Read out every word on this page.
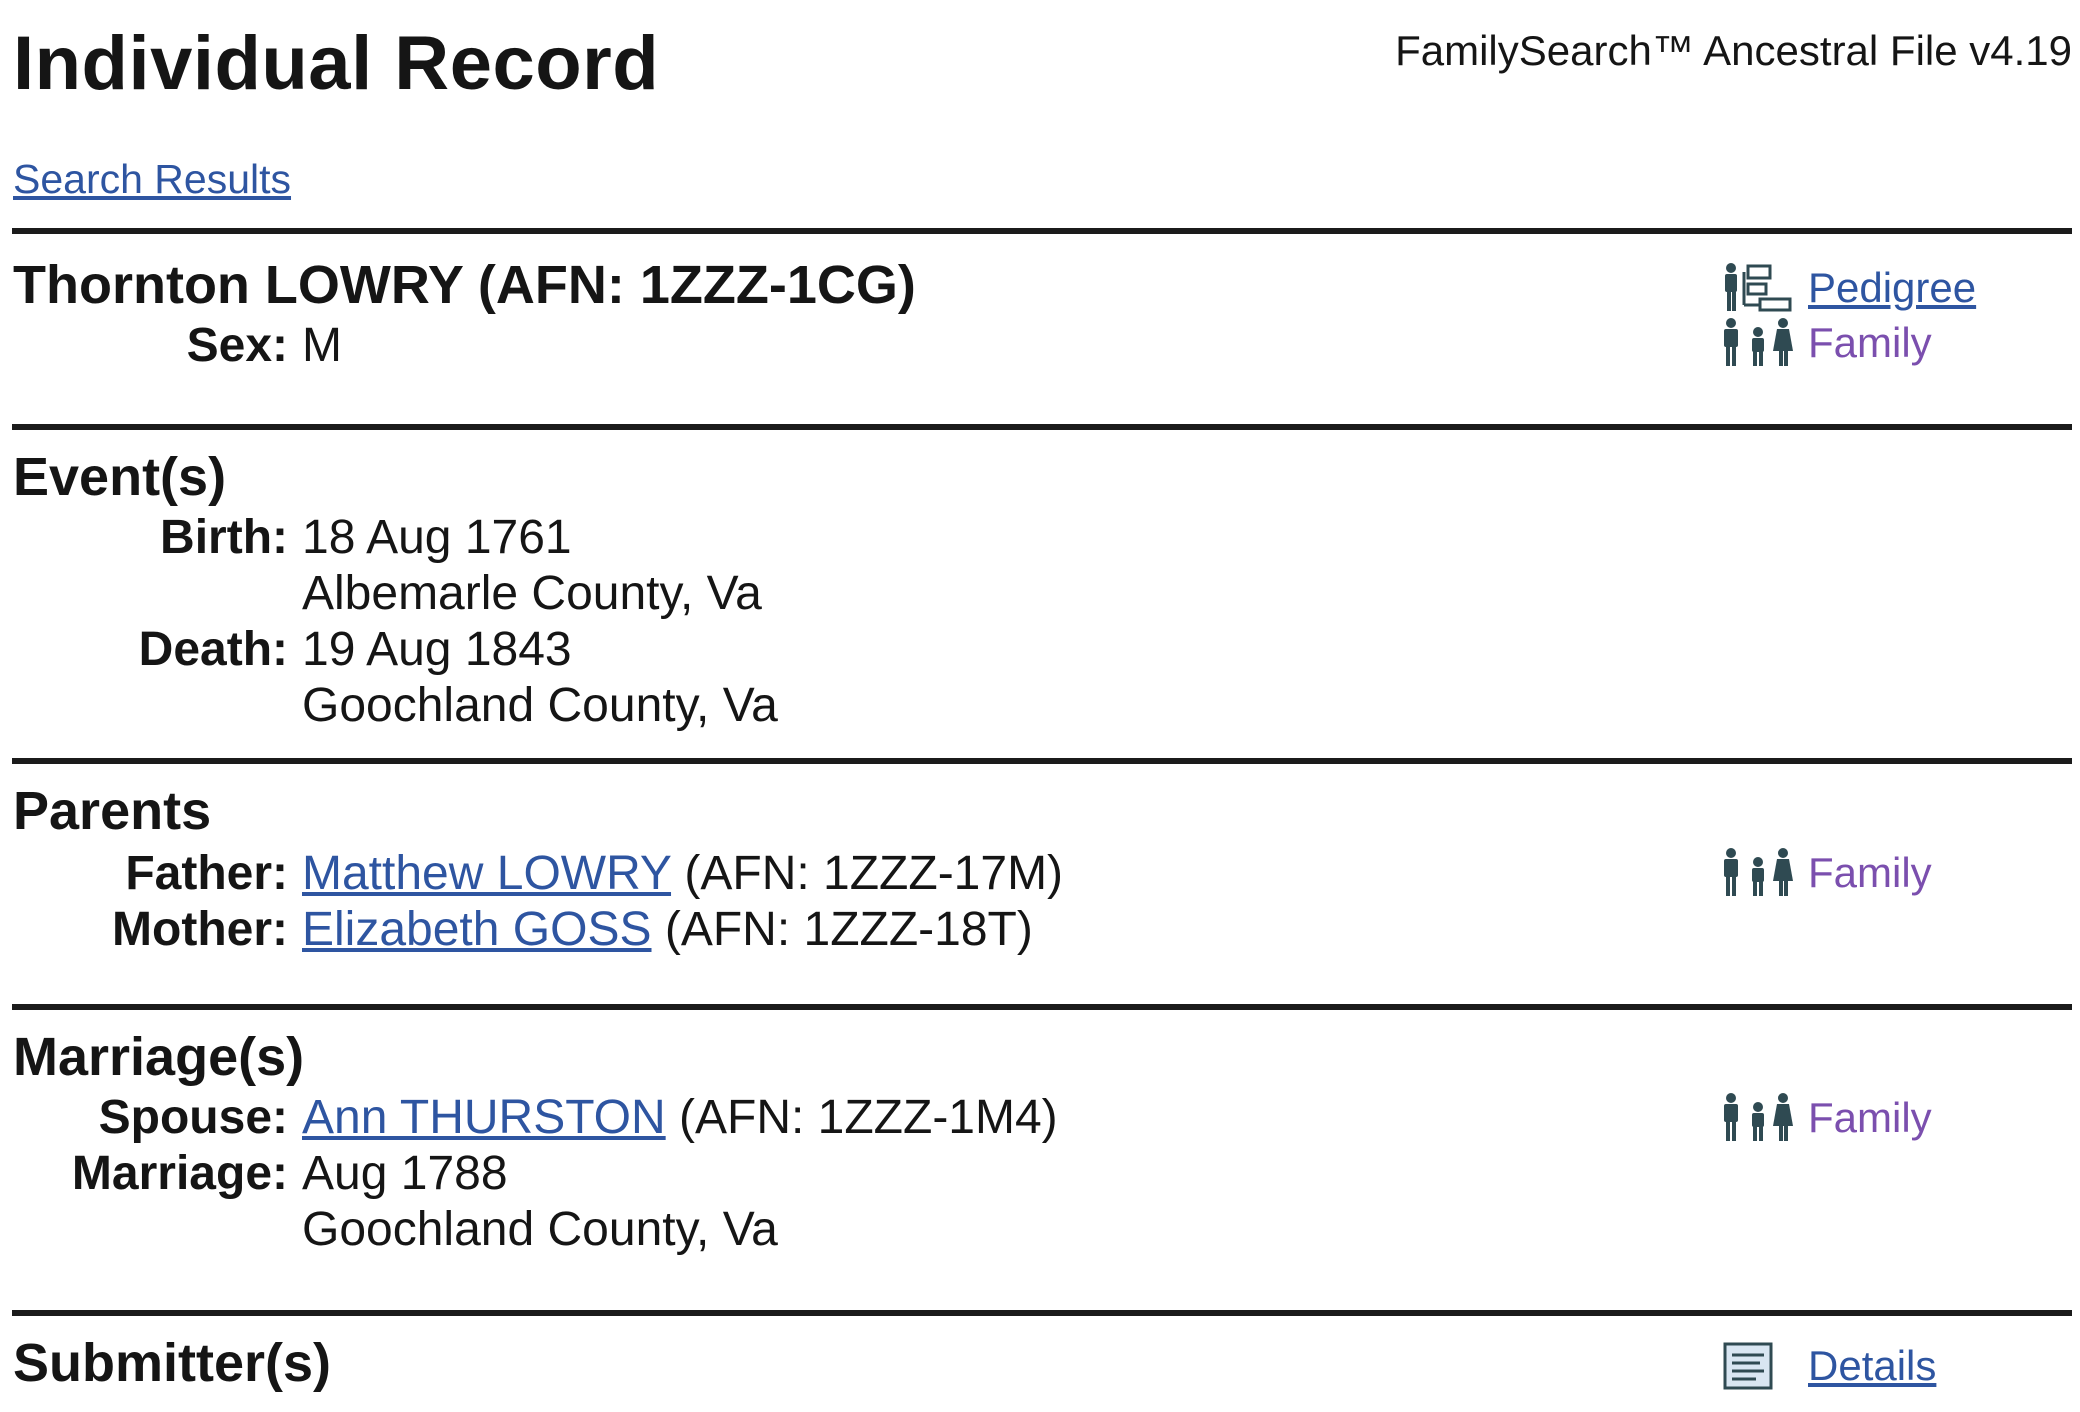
Individual Record	FamilySearch™ Ancestral File v4.19
Search Results
Thornton LOWRY (AFN: 1ZZZ-1CG)
Sex: M
Pedigree
Family
Event(s)
Birth: 18 Aug 1761
Albemarle County, Va
Death: 19 Aug 1843
Goochland County, Va
Parents
Father: Matthew LOWRY (AFN: 1ZZZ-17M)
Mother: Elizabeth GOSS (AFN: 1ZZZ-18T)
Family
Marriage(s)
Spouse: Ann THURSTON (AFN: 1ZZZ-1M4)
Marriage: Aug 1788
Goochland County, Va
Family
Submitter(s)	Details
